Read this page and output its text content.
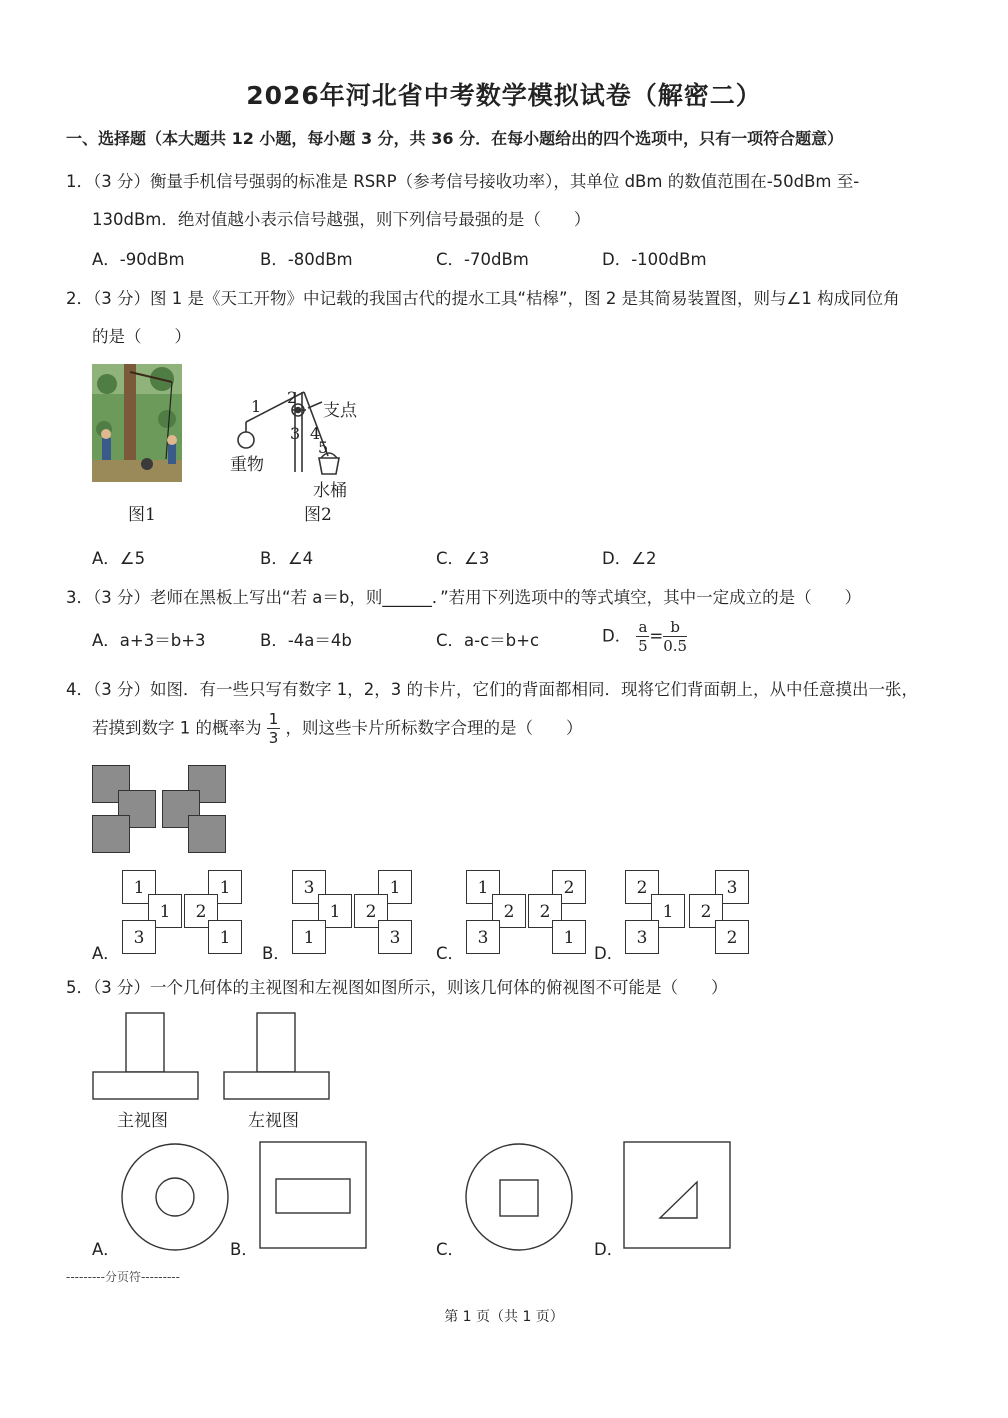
2026年河北省中考数学模拟试卷（解密二）
一、选择题（本大题共 12 小题，每小题 3 分，共 36 分．在每小题给出的四个选项中，只有一项符合题意）
1．（3 分）衡量手机信号强弱的标准是 RSRP（参考信号接收功率），其单位 dBm 的数值范围在-50dBm 至-
130dBm．绝对值越小表示信号越强，则下列信号最强的是（　　）
A．-90dBm	B．-80dBm	C．-70dBm	D．-100dBm
2．（3 分）图 1 是《天工开物》中记载的我国古代的提水工具“桔槔”，图 2 是其简易装置图，则与∠1 构成同位角
的是（　　）
图1
1 2
3 4
5
支点
重物
水桶
图2
A．∠5	B．∠4	C．∠3	D．∠2
3．（3 分）老师在黑板上写出“若 a＝b，则______．”若用下列选项中的等式填空，其中一定成立的是（　　）
A．a+3＝b+3	B．-4a＝4b	C．a-c＝b+c	D． $\frac{a}{5} = \frac{b}{0.5}$
4．（3 分）如图．有一些只写有数字 1，2，3 的卡片，它们的背面都相同．现将它们背面朝上，从中任意摸出一张，
若摸到数字 1 的概率为 $\frac{1}{3}$ ，则这些卡片所标数字合理的是（　　）
A．
1
1
3
1
2
1
B．
3
1
1
1
2
3
C．
1
2
3
2
2
1
D．
2
1
3
3
2
2
5．（3 分）一个几何体的主视图和左视图如图所示，则该几何体的俯视图不可能是（　　）
主视图	左视图
A．	B．	C．	D．
---------分页符---------
第 1 页（共 1 页）
